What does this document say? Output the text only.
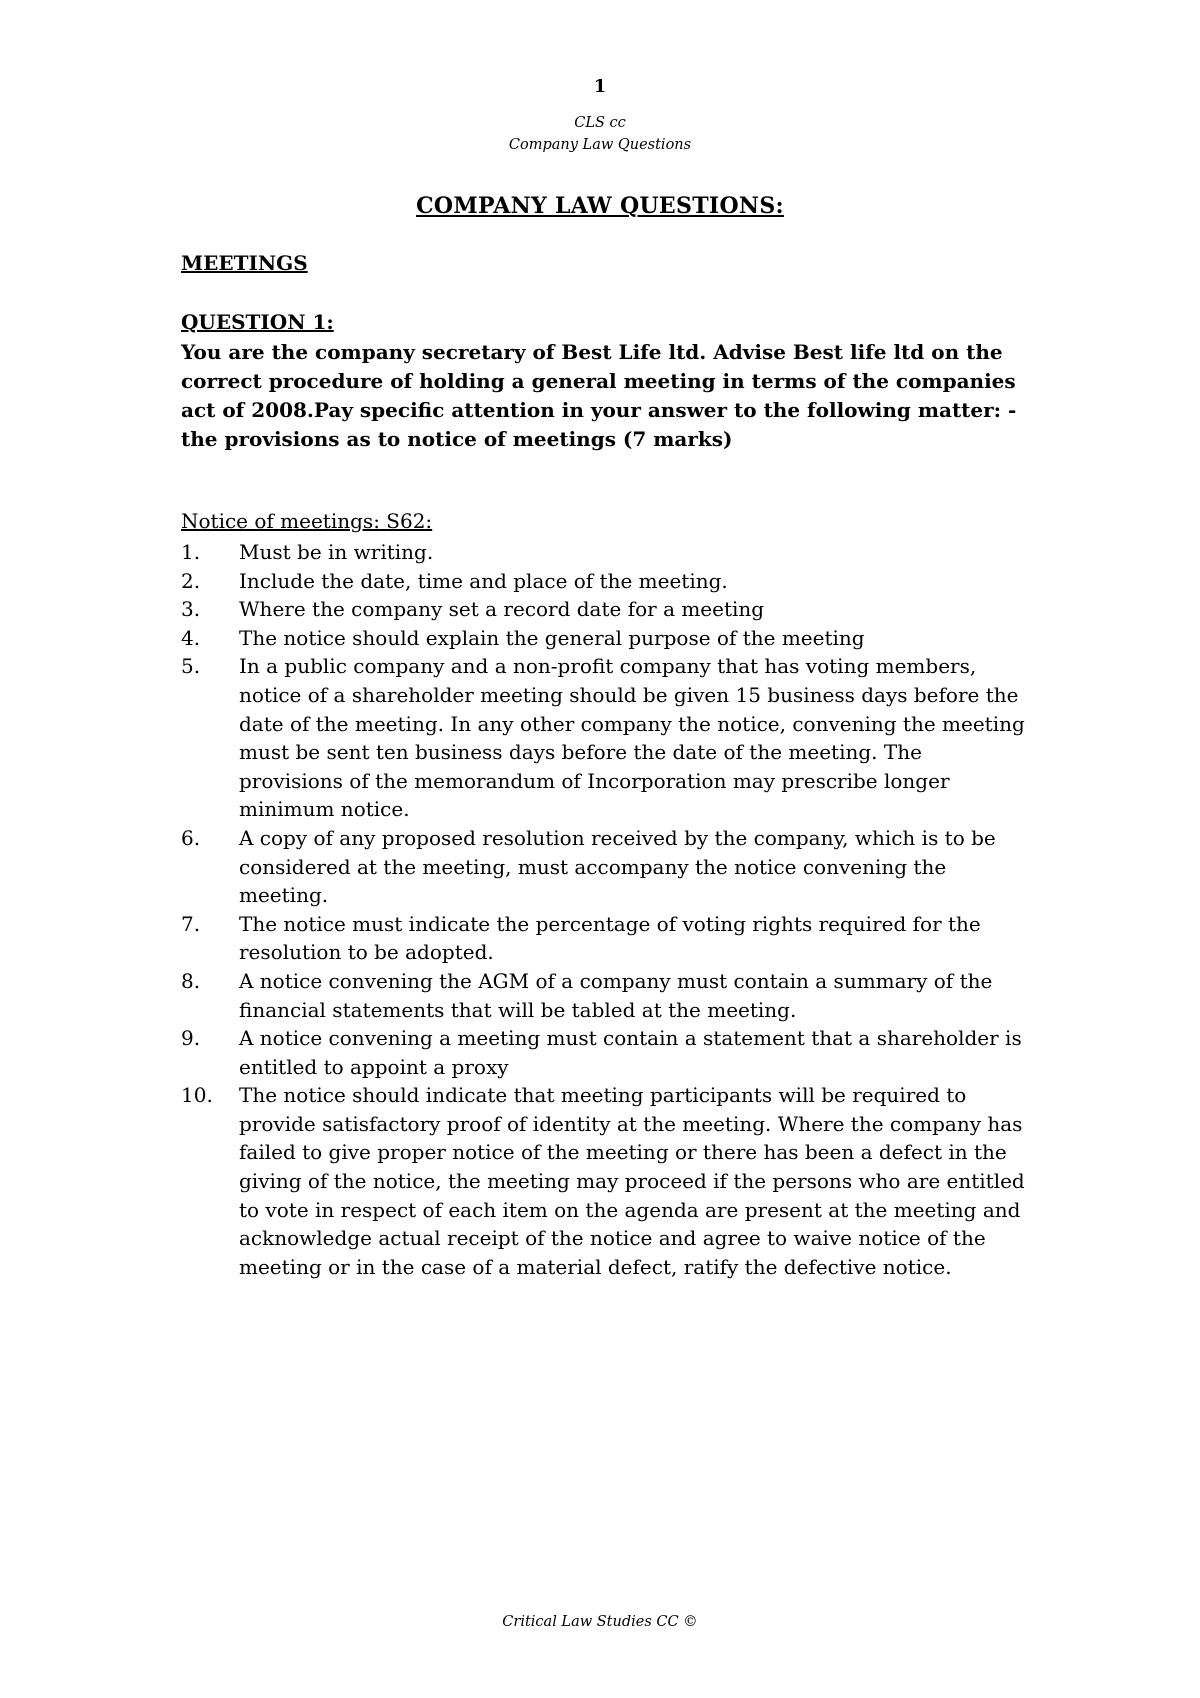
1
CLS cc
Company Law Questions
COMPANY LAW QUESTIONS:
MEETINGS
QUESTION 1:

You are the company secretary of Best Life ltd. Advise Best life ltd on the correct procedure of holding a general meeting in terms of the companies act of 2008.Pay specific attention in your answer to the following matter: -the provisions as to notice of meetings (7 marks)

Notice of meetings: S62:
1.	Must be in writing.
2.	Include the date, time and place of the meeting.
3.	Where the company set a record date for a meeting
4.	The notice should explain the general purpose of the meeting
5.	In a public company and a non-profit company that has voting members, notice of a shareholder meeting should be given 15 business days before the date of the meeting. In any other company the notice, convening the meeting must be sent ten business days before the date of the meeting. The provisions of the memorandum of Incorporation may prescribe longer minimum notice.
6.	A copy of any proposed resolution received by the company, which is to be considered at the meeting, must accompany the notice convening the meeting.
7.	The notice must indicate the percentage of voting rights required for the resolution to be adopted.
8.	A notice convening the AGM of a company must contain a summary of the financial statements that will be tabled at the meeting.
9.	A notice convening a meeting must contain a statement that a shareholder is entitled to appoint a proxy
10.	The notice should indicate that meeting participants will be required to provide satisfactory proof of identity at the meeting. Where the company has failed to give proper notice of the meeting or there has been a defect in the giving of the notice, the meeting may proceed if the persons who are entitled to vote in respect of each item on the agenda are present at the meeting and acknowledge actual receipt of the notice and agree to waive notice of the meeting or in the case of a material defect, ratify the defective notice.
Critical Law Studies CC ©
